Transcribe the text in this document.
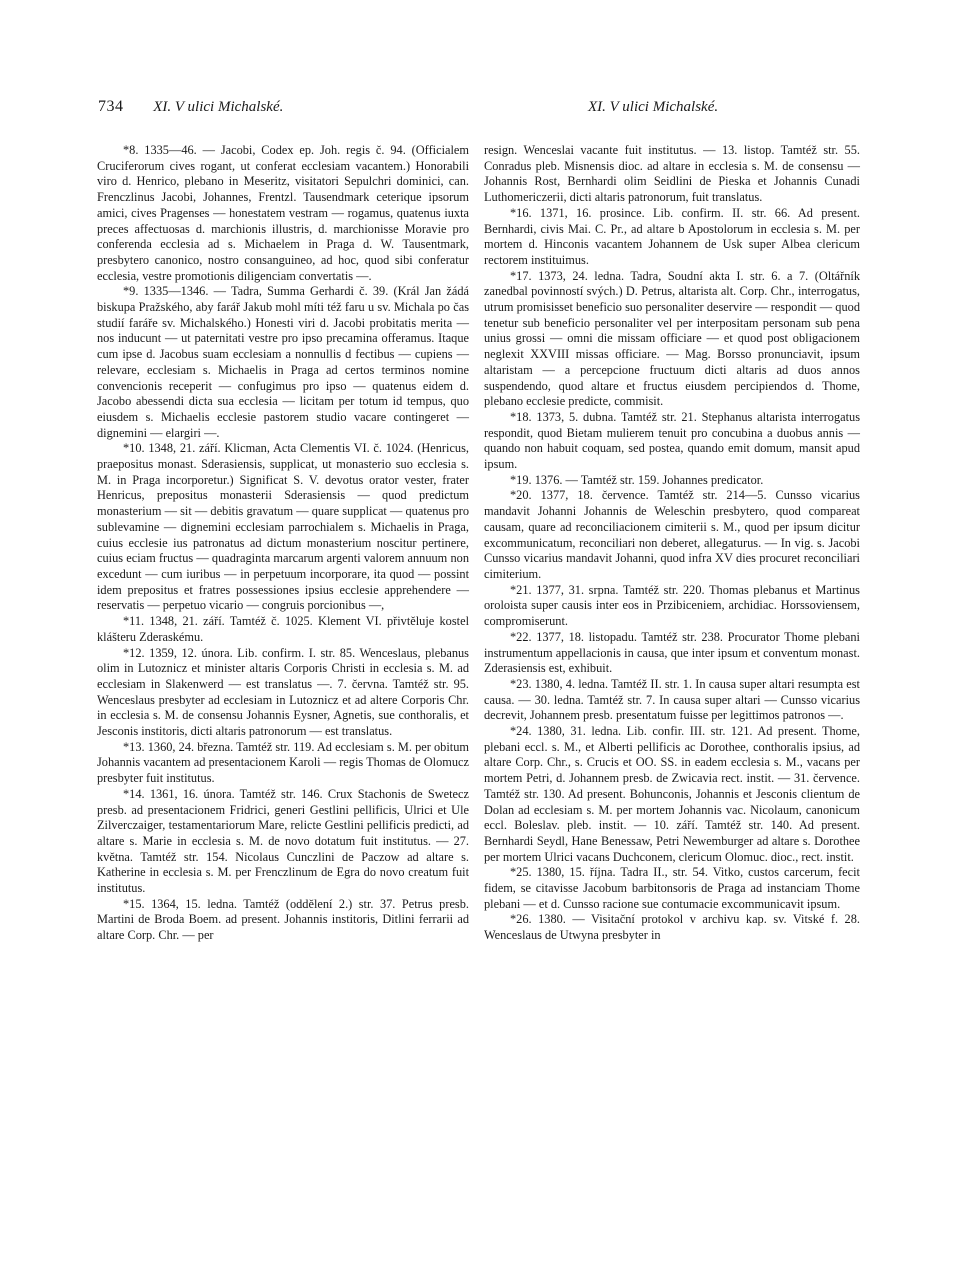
734 XI. V ulici Michalské.	XI. V ulici Michalské.

*8. 1335—46. — Jacobi, Codex ep. Joh. regis č. 94. (Officialem Cruciferorum cives rogant, ut conferat ecclesiam vacantem.) Honorabili viro d. Henrico, plebano in Meseritz, visitatori Sepulchri dominici, can. Frenczlinus Jacobi, Johannes, Frentzl. Tausendmark ceterique ipsorum amici, cives Pragenses — honestatem vestram — rogamus, quatenus iuxta preces affectuosas d. marchionis illustris, d. marchionisse Moravie pro conferenda ecclesia ad s. Michaelem in Praga d. W. Tausentmark, presbytero canonico, nostro consanguineo, ad hoc, quod sibi conferatur ecclesia, vestre promotionis diligenciam convertatis —.

*9. 1335—1346. — Tadra, Summa Gerhardi č. 39. (Král Jan žádá biskupa Pražského, aby farář Jakub mohl míti též faru u sv. Michala po čas studií faráře sv. Michalského.) Honesti viri d. Jacobi probitatis merita — nos inducunt — ut paternitati vestre pro ipso precamina offeramus. Itaque cum ipse d. Jacobus suam ecclesiam a nonnullis d fectibus — cupiens — relevare, ecclesiam s. Michaelis in Praga ad certos terminos nomine convencionis receperit — confugimus pro ipso — quatenus eidem d. Jacobo abessendi dicta sua ecclesia — licitam per totum id tempus, quo eiusdem s. Michaelis ecclesie pastorem studio vacare contingeret — dignemini — elargiri —.

*10. 1348, 21. září. Klicman, Acta Clementis VI. č. 1024. (Henricus, praepositus monast. Sderasiensis, supplicat, ut monasterio suo ecclesia s. M. in Praga incorporetur.) Significat S. V. devotus orator vester, frater Henricus, prepositus monasterii Sderasiensis — quod predictum monasterium — sit — debitis gravatum — quare supplicat — quatenus pro sublevamine — dignemini ecclesiam parrochialem s. Michaelis in Praga, cuius ecclesie ius patronatus ad dictum monasterium noscitur pertinere, cuius eciam fructus — quadraginta marcarum argenti valorem annuum non excedunt — cum iuribus — in perpetuum incorporare, ita quod — possint idem prepositus et fratres possessiones ipsius ecclesie apprehendere — reservatis — perpetuo vicario — congruis porcionibus —,

*11. 1348, 21. září. Tamtéž č. 1025. Klement VI. přivtěluje kostel klášteru Zderaskému.

*12. 1359, 12. února. Lib. confirm. I. str. 85. Wenceslaus, plebanus olim in Lutoznicz et minister altaris Corporis Christi in ecclesia s. M. ad ecclesiam in Slakenwerd — est translatus —. 7. června. Tamtéž str. 95. Wenceslaus presbyter ad ecclesiam in Lutoznicz et ad altere Corporis Chr. in ecclesia s. M. de consensu Johannis Eysner, Agnetis, sue conthoralis, et Jesconis institoris, dicti altaris patronorum — est translatus.

*13. 1360, 24. března. Tamtéž str. 119. Ad ecclesiam s. M. per obitum Johannis vacantem ad presentacionem Karoli — regis Thomas de Olomucz presbyter fuit institutus.

*14. 1361, 16. února. Tamtéž str. 146. Crux Stachonis de Swetecz presb. ad presentacionem Fridrici, generi Gestlini pellificis, Ulrici et Ule Zilverczaiger, testamentariorum Mare, relicte Gestlini pellificis predicti, ad altare s. Marie in ecclesia s. M. de novo dotatum fuit institutus. — 27. května. Tamtéž str. 154. Nicolaus Cunczlini de Paczow ad altare s. Katherine in ecclesia s. M. per Frenczlinum de Egra do novo creatum fuit institutus.

*15. 1364, 15. ledna. Tamtéž (oddělení 2.) str. 37. Petrus presb. Martini de Broda Boem. ad present. Johannis institoris, Ditlini ferrarii ad altare Corp. Chr. — per

resign. Wenceslai vacante fuit institutus. — 13. listop. Tamtéž str. 55. Conradus pleb. Misnensis dioc. ad altare in ecclesia s. M. de consensu — Johannis Rost, Bernhardi olim Seidlini de Pieska et Johannis Cunadi Luthomericzerii, dicti altaris patronorum, fuit translatus.

*16. 1371, 16. prosince. Lib. confirm. II. str. 66. Ad present. Bernhardi, civis Mai. C. Pr., ad altare b Apostolorum in ecclesia s. M. per mortem d. Hinconis vacantem Johannem de Usk super Albea clericum rectorem instituimus.

*17. 1373, 24. ledna. Tadra, Soudní akta I. str. 6. a 7. (Oltářník zanedbal povinností svých.) D. Petrus, altarista alt. Corp. Chr., interrogatus, utrum promisisset beneficio suo personaliter deservire — respondit — quod tenetur sub beneficio personaliter vel per interpositam personam sub pena unius grossi — omni die missam officiare — et quod post obligacionem neglexit XXVIII missas officiare. — Mag. Borsso pronunciavit, ipsum altaristam — a percepcione fructuum dicti altaris ad duos annos suspendendo, quod altare et fructus eiusdem percipiendos d. Thome, plebano ecclesie predicte, commisit.

*18. 1373, 5. dubna. Tamtéž str. 21. Stephanus altarista interrogatus respondit, quod Bietam mulierem tenuit pro concubina a duobus annis — quando non habuit coquam, sed postea, quando emit domum, mansit apud ipsum.

*19. 1376. — Tamtéž str. 159. Johannes predicator.

*20. 1377, 18. července. Tamtéž str. 214—5. Cunsso vicarius mandavit Johanni Johannis de Weleschin presbytero, quod compareat causam, quare ad reconciliacionem cimiterii s. M., quod per ipsum dicitur excommunicatum, reconciliari non deberet, allegaturus. — In vig. s. Jacobi Cunsso vicarius mandavit Johanni, quod infra XV dies procuret reconciliari cimiterium.

*21. 1377, 31. srpna. Tamtéž str. 220. Thomas plebanus et Martinus oroloista super causis inter eos in Przibiceniem, archidiac. Horssoviensem, compromiserunt.

*22. 1377, 18. listopadu. Tamtéž str. 238. Procurator Thome plebani instrumentum appellacionis in causa, que inter ipsum et conventum monast. Zderasiensis est, exhibuit.

*23. 1380, 4. ledna. Tamtéž II. str. 1. In causa super altari resumpta est causa. — 30. ledna. Tamtéž str. 7. In causa super altari — Cunsso vicarius decrevit, Johannem presb. presentatum fuisse per legittimos patronos —.

*24. 1380, 31. ledna. Lib. confir. III. str. 121. Ad present. Thome, plebani eccl. s. M., et Alberti pellificis ac Dorothee, conthoralis ipsius, ad altare Corp. Chr., s. Crucis et OO. SS. in eadem ecclesia s. M., vacans per mortem Petri, d. Johannem presb. de Zwicavia rect. instit. — 31. července. Tamtéž str. 130. Ad present. Bohunconis, Johannis et Jesconis clientum de Dolan ad ecclesiam s. M. per mortem Johannis vac. Nicolaum, canonicum eccl. Boleslav. pleb. instit. — 10. září. Tamtéž str. 140. Ad present. Bernhardi Seydl, Hane Benessaw, Petri Newemburger ad altare s. Dorothee per mortem Ulrici vacans Duchconem, clericum Olomuc. dioc., rect. instit.

*25. 1380, 15. října. Tadra II., str. 54. Vitko, custos carcerum, fecit fidem, se citavisse Jacobum barbitonsoris de Praga ad instanciam Thome plebani — et d. Cunsso racione sue contumacie excommunicavit ipsum.

*26. 1380. — Visitační protokol v archivu kap. sv. Vitské f. 28. Wenceslaus de Utwyna presbyter in
